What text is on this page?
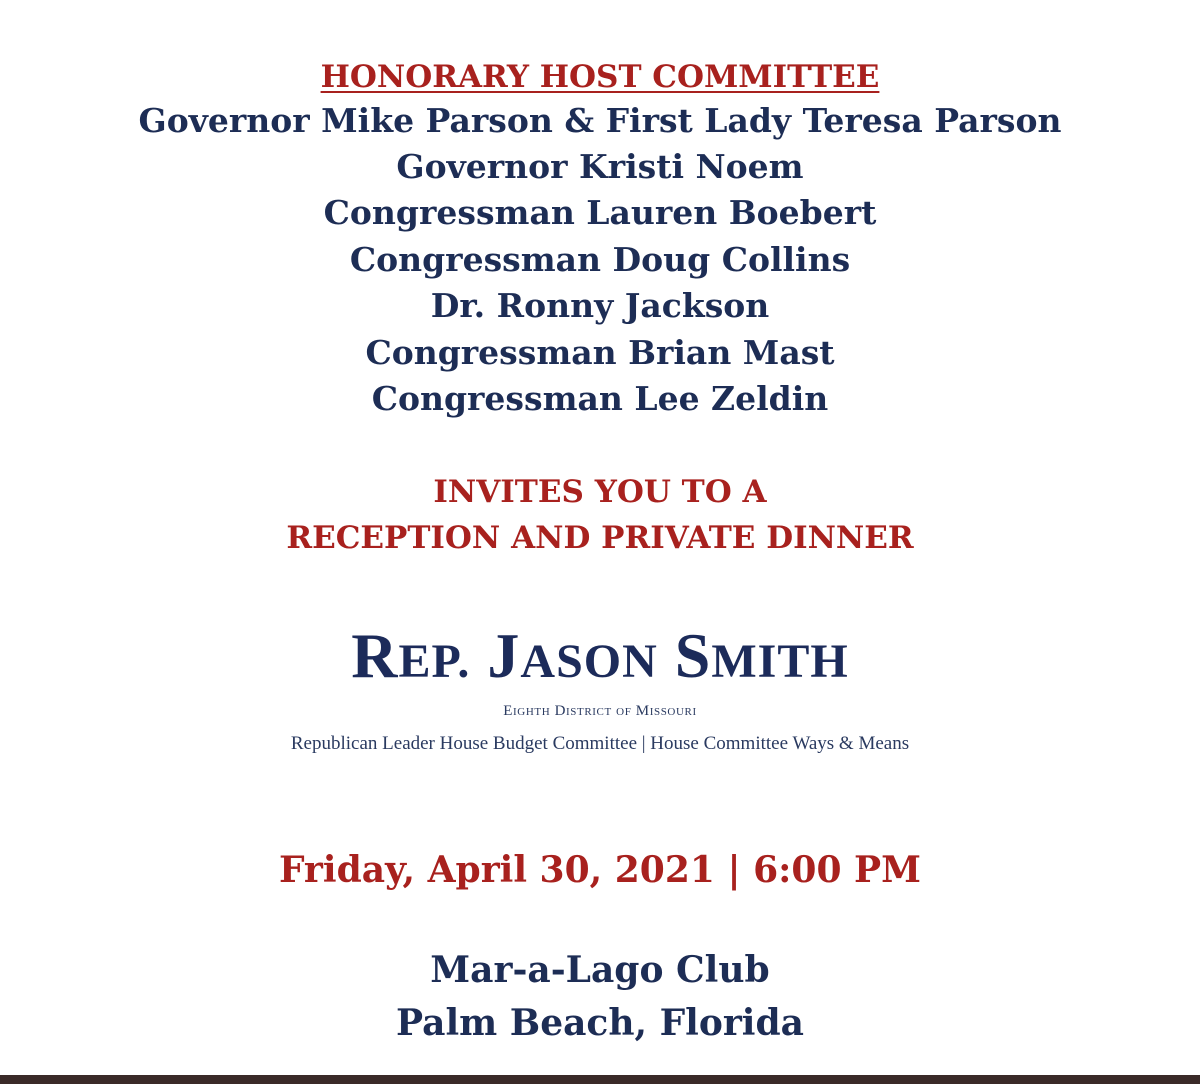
HONORARY HOST COMMITTEE
Governor Mike Parson & First Lady Teresa Parson
Governor Kristi Noem
Congressman Lauren Boebert
Congressman Doug Collins
Dr. Ronny Jackson
Congressman Brian Mast
Congressman Lee Zeldin
INVITES YOU TO A
RECEPTION AND PRIVATE DINNER
REP. JASON SMITH
EIGHTH DISTRICT OF MISSOURI
Republican Leader House Budget Committee | House Committee Ways & Means
Friday, April 30, 2021 | 6:00 PM
Mar-a-Lago Club
Palm Beach, Florida
